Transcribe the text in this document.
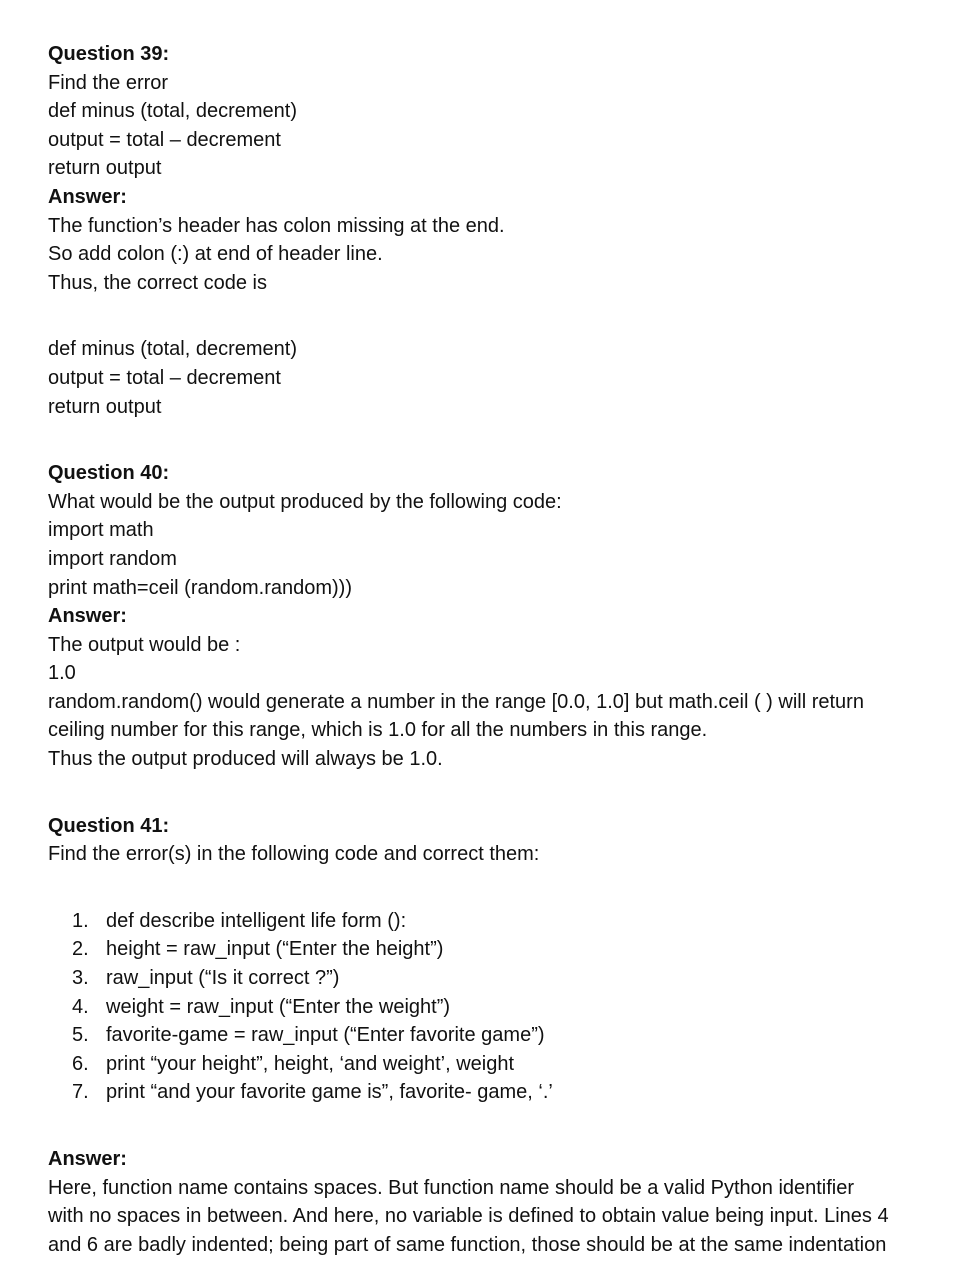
Question 39:
Find the error
def minus (total, decrement)
output = total – decrement
return output
Answer:
The function’s header has colon missing at the end.
So add colon (:) at end of header line.
Thus, the correct code is
def minus (total, decrement)
output = total – decrement
return output
Question 40:
What would be the output produced by the following code:
import math
import random
print math=ceil (random.random)))
Answer:
The output would be :
1.0
random.random() would generate a number in the range [0.0, 1.0] but math.ceil ( ) will return
ceiling number for this range, which is 1.0 for all the numbers in this range.
Thus the output produced will always be 1.0.
Question 41:
Find the error(s) in the following code and correct them:
1. def describe intelligent life form ():
2. height = raw_input (“Enter the height”)
3. raw_input (“Is it correct ?”)
4. weight = raw_input (“Enter the weight”)
5. favorite-game = raw_input (“Enter favorite game”)
6. print “your height”, height, ‘and weight’, weight
7. print “and your favorite game is”, favorite- game, ‘.’
Answer:
Here, function name contains spaces. But function name should be a valid Python identifier
with no spaces in between. And here, no variable is defined to obtain value being input. Lines 4
and 6 are badly indented; being part of same function, those should be at the same indentation
